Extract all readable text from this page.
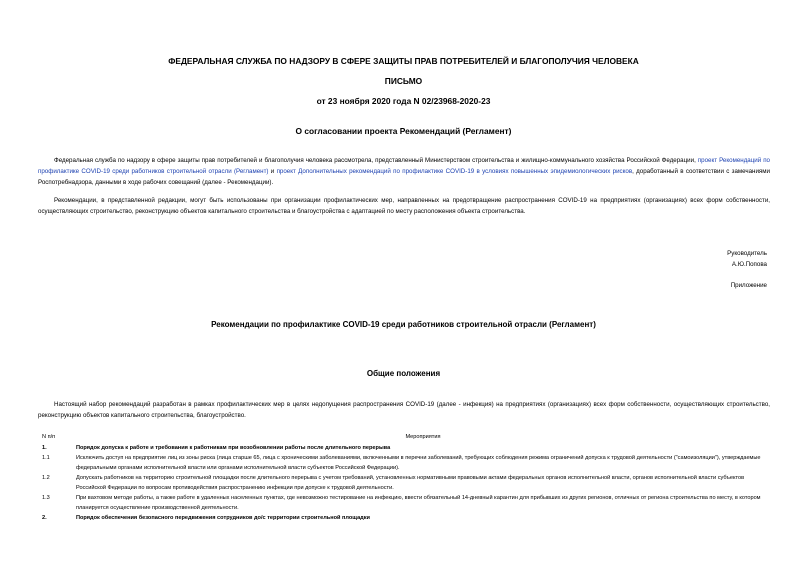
ФЕДЕРАЛЬНАЯ СЛУЖБА ПО НАДЗОРУ В СФЕРЕ ЗАЩИТЫ ПРАВ ПОТРЕБИТЕЛЕЙ И БЛАГОПОЛУЧИЯ ЧЕЛОВЕКА
ПИСЬМО
от 23 ноября 2020 года N 02/23968-2020-23
О согласовании проекта Рекомендаций (Регламент)
Федеральная служба по надзору в сфере защиты прав потребителей и благополучия человека рассмотрела, представленный Министерством строительства и жилищно-коммунального хозяйства Российской Федерации, проект Рекомендаций по профилактике COVID-19 среди работников строительной отрасли (Регламент) и проект Дополнительных рекомендаций по профилактике COVID-19 в условиях повышенных эпидемиологических рисков, доработанный в соответствии с замечаниями Роспотребнадзора, данными в ходе рабочих совещаний (далее - Рекомендации).
Рекомендации, в представленной редакции, могут быть использованы при организации профилактических мер, направленных на предотвращение распространения COVID-19 на предприятиях (организациях) всех форм собственности, осуществляющих строительство, реконструкцию объектов капитального строительства и благоустройства с адаптацией по месту расположения объекта строительства.
Руководитель
А.Ю.Попова
Приложение
Рекомендации по профилактике COVID-19 среди работников строительной отрасли (Регламент)
Общие положения
Настоящий набор рекомендаций разработан в рамках профилактических мер в целях недопущения распространения COVID-19 (далее - инфекция) на предприятиях (организациях) всех форм собственности, осуществляющих строительство, реконструкцию объектов капитального строительства, благоустройство.
N п/п	Мероприятия
1.	Порядок допуска к работе и требования к работникам при возобновлении работы после длительного перерыва
1.1	Исключить доступ на предприятие лиц из зоны риска (лица старше 65, лица с хроническими заболеваниями, включенными в перечни заболеваний, требующих соблюдения режима ограничений допуска к трудовой деятельности ("самоизоляции"), утверждаемые федеральными органами исполнительной власти или органами исполнительной власти субъектов Российской Федерации).
1.2	Допускать работников на территорию строительной площадки после длительного перерыва с учетом требований, установленных нормативными правовыми актами федеральных органов исполнительной власти, органов исполнительной власти субъектов Российской Федерации по вопросам противодействия распространению инфекции при допуске к трудовой деятельности.
1.3	При вахтовом методе работы, а также работе в удаленных населенных пунктах, где невозможно тестирование на инфекцию, ввести обязательный 14-дневный карантин для прибывших из других регионов, отличных от региона строительства по месту, в котором планируется осуществление производственной деятельности.
2.	Порядок обеспечения безопасного передвижения сотрудников до/с территории строительной площадки
